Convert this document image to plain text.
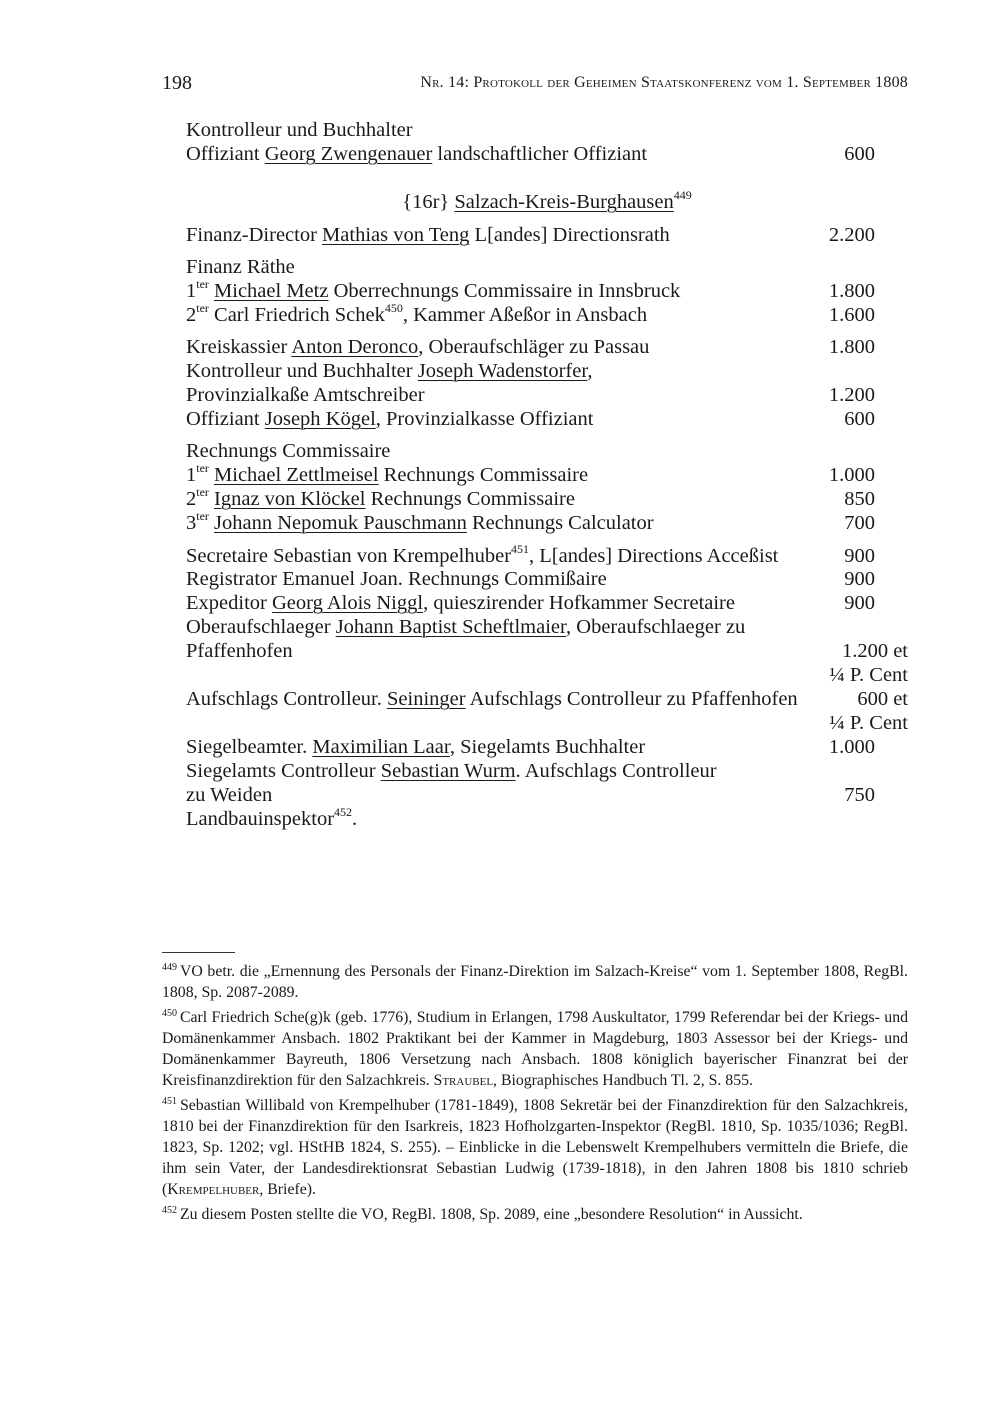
198	Nr. 14: Protokoll der Geheimen Staatskonferenz vom 1. September 1808
Kontrolleur und Buchhalter
Offiziant Georg Zwengenauer landschaftlicher Offiziant	600
{16r} Salzach-Kreis-Burghausen$^{449}$
Finanz-Director Mathias von Teng L[andes] Directionsrath	2.200
Finanz Räthe
$1^{ter}$ Michael Metz Oberrechnungs Commissaire in Innsbruck	1.800
$2^{ter}$ Carl Friedrich Schek$^{450}$, Kammer Aßeßor in Ansbach	1.600
Kreiskassier Anton Deronco, Oberaufschläger zu Passau	1.800
Kontrolleur und Buchhalter Joseph Wadenstorfer,
Provinzialkaße Amtschreiber	1.200
Offiziant Joseph Kögel, Provinzialkasse Offiziant	600
Rechnungs Commissaire
$1^{ter}$ Michael Zettlmeisel Rechnungs Commissaire	1.000
$2^{ter}$ Ignaz von Klöckel Rechnungs Commissaire	850
$3^{ter}$ Johann Nepomuk Pauschmann Rechnungs Calculator	700
Secretaire Sebastian von Krempelhuber$^{451}$, L[andes] Directions Acceßist	900
Registrator Emanuel Joan. Rechnungs Commißaire	900
Expeditor Georg Alois Niggl, quieszirender Hofkammer Secretaire	900
Oberaufschlaeger Johann Baptist Scheftlmaier, Oberaufschlaeger zu
Pfaffenhofen	1.200 et
¼ P. Cent
Aufschlags Controlleur. Seininger Aufschlags Controlleur zu Pfaffenhofen	600 et
¼ P. Cent
Siegelbeamter. Maximilian Laar, Siegelamts Buchhalter	1.000
Siegelamts Controlleur Sebastian Wurm. Aufschlags Controlleur
zu Weiden	750
Landbauinspektor$^{452}$.

$^{449}$ VO betr. die „Ernennung des Personals der Finanz-Direktion im Salzach-Kreise“ vom 1. September 1808, RegBl. 1808, Sp. 2087-2089.

$^{450}$ Carl Friedrich Sche(g)k (geb. 1776), Studium in Erlangen, 1798 Auskultator, 1799 Referendar bei der Kriegs- und Domänenkammer Ansbach. 1802 Praktikant bei der Kammer in Magdeburg, 1803 Assessor bei der Kriegs- und Domänenkammer Bayreuth, 1806 Versetzung nach Ansbach. 1808 königlich bayerischer Finanzrat bei der Kreisfinanzdirektion für den Salzachkreis. Straubel, Biographisches Handbuch Tl. 2, S. 855.

$^{451}$ Sebastian Willibald von Krempelhuber (1781-1849), 1808 Sekretär bei der Finanzdirektion für den Salzachkreis, 1810 bei der Finanzdirektion für den Isarkreis, 1823 Hofholzgarten-Inspektor (RegBl. 1810, Sp. 1035/1036; RegBl. 1823, Sp. 1202; vgl. HStHB 1824, S. 255). – Einblicke in die Lebenswelt Krempelhubers vermitteln die Briefe, die ihm sein Vater, der Landesdirektionsrat Sebastian Ludwig (1739-1818), in den Jahren 1808 bis 1810 schrieb (Krempelhuber, Briefe).

$^{452}$ Zu diesem Posten stellte die VO, RegBl. 1808, Sp. 2089, eine „besondere Resolution“ in Aussicht.
